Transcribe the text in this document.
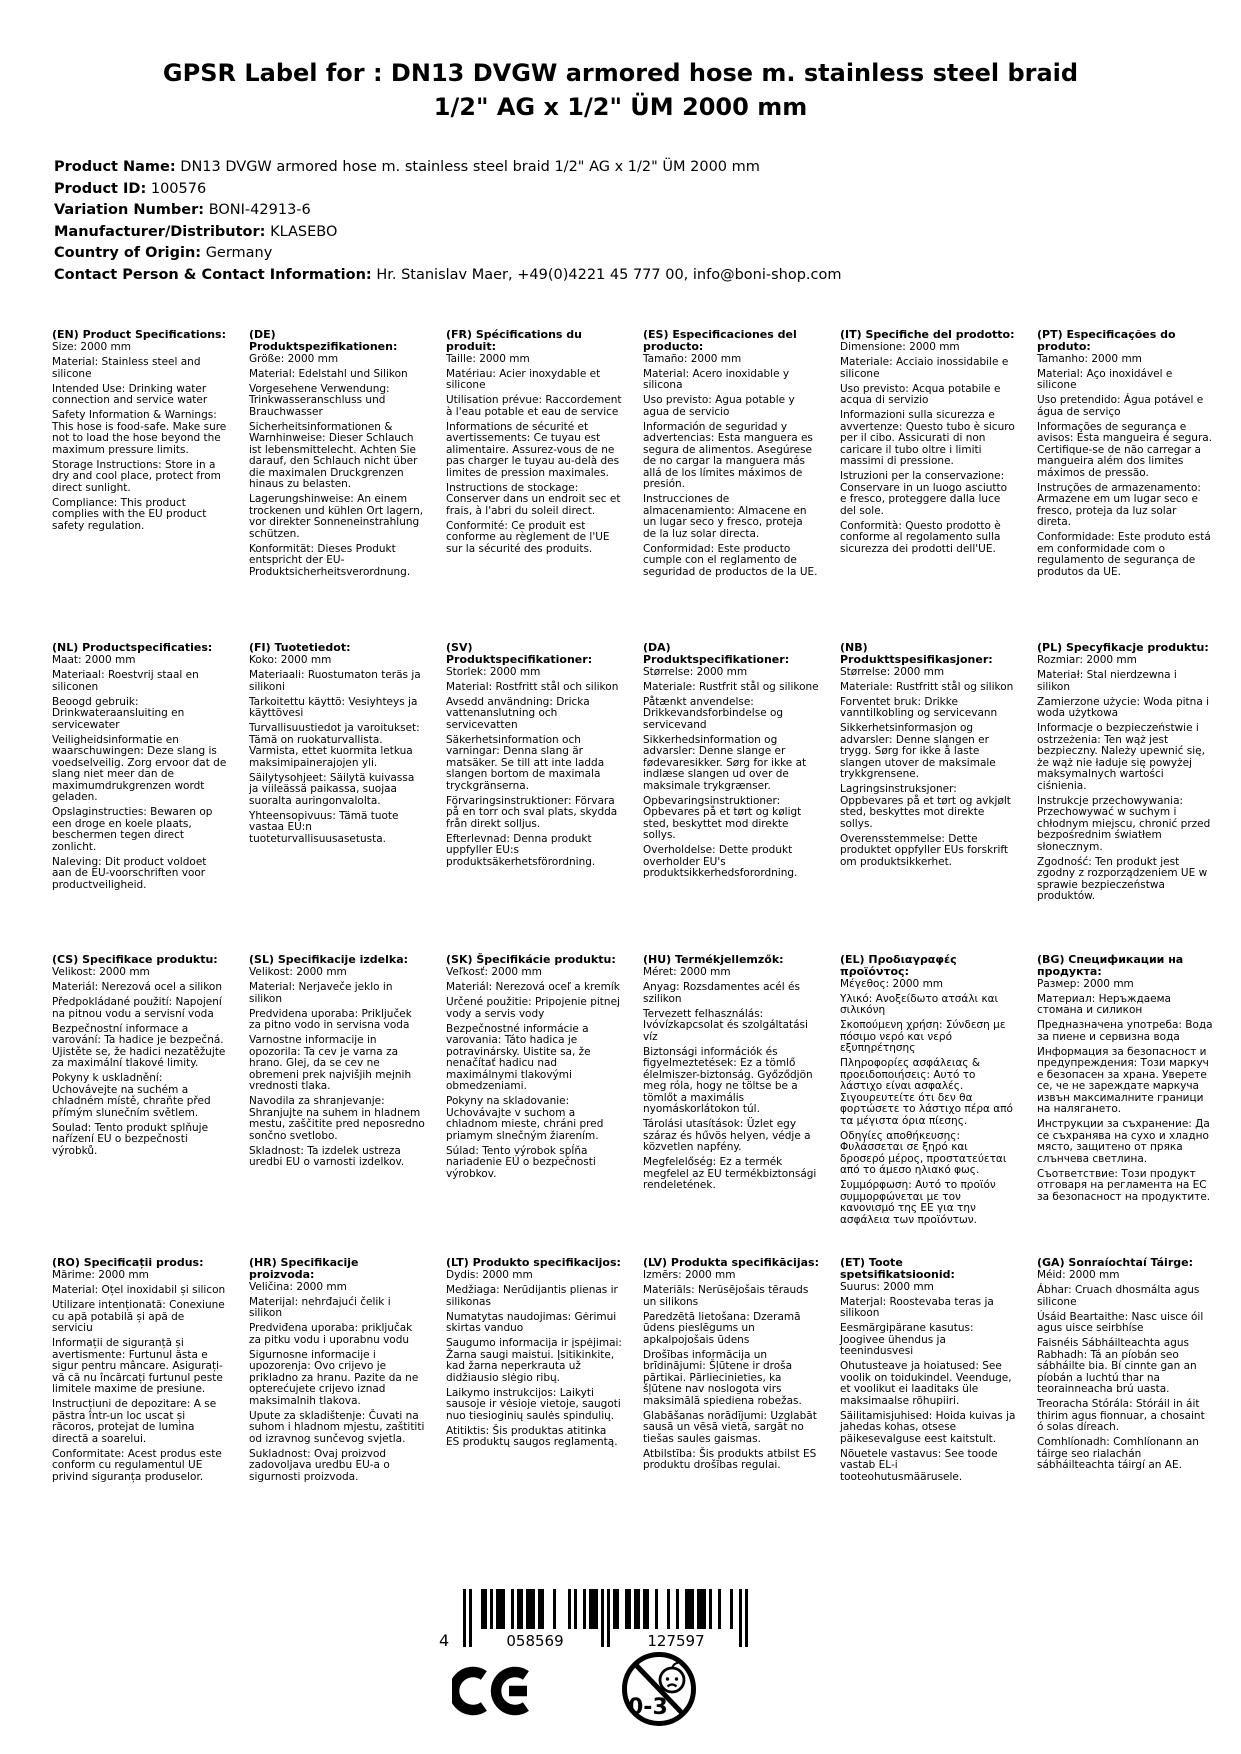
GPSR Label for : DN13 DVGW armored hose m. stainless steel braid
1/2" AG x 1/2" ÜM 2000 mm

Product Name: DN13 DVGW armored hose m. stainless steel braid 1/2" AG x 1/2" ÜM 2000 mm

Product ID: 100576

Variation Number: BONI-42913-6

Manufacturer/Distributor: KLASEBO

Country of Origin: Germany

Contact Person & Contact Information: Hr. Stanislav Maer, +49(0)4221 45 777 00, info@boni-shop.com

(EN) Product Specifications:

Size: 2000 mm

Material: Stainless steel and silicone

Intended Use: Drinking water connection and service water

Safety Information & Warnings: This hose is food-safe. Make sure not to load the hose beyond the maximum pressure limits.

Storage Instructions: Store in a dry and cool place, protect from direct sunlight.

Compliance: This product complies with the EU product safety regulation.

(DE) Produktspezifikationen:

Größe: 2000 mm

Material: Edelstahl und Silikon

Vorgesehene Verwendung: Trinkwasseranschluss und Brauchwasser

Sicherheitsinformationen & Warnhinweise: Dieser Schlauch ist lebensmittelecht. Achten Sie darauf, den Schlauch nicht über die maximalen Druckgrenzen hinaus zu belasten.

Lagerungshinweise: An einem trockenen und kühlen Ort lagern, vor direkter Sonneneinstrahlung schützen.

Konformität: Dieses Produkt entspricht der EU-Produktsicherheitsverordnung.

(FR) Spécifications du produit:

Taille: 2000 mm

Matériau: Acier inoxydable et silicone

Utilisation prévue: Raccordement à l'eau potable et eau de service

Informations de sécurité et avertissements: Ce tuyau est alimentaire. Assurez-vous de ne pas charger le tuyau au-delà des limites de pression maximales.

Instructions de stockage: Conserver dans un endroit sec et frais, à l'abri du soleil direct.

Conformité: Ce produit est conforme au règlement de l'UE sur la sécurité des produits.

(ES) Especificaciones del producto:

Tamaño: 2000 mm

Material: Acero inoxidable y silicona

Uso previsto: Agua potable y agua de servicio

Información de seguridad y advertencias: Esta manguera es segura de alimentos. Asegúrese de no cargar la manguera más allá de los límites máximos de presión.

Instrucciones de almacenamiento: Almacene en un lugar seco y fresco, proteja de la luz solar directa.

Conformidad: Este producto cumple con el reglamento de seguridad de productos de la UE.

(IT) Specifiche del prodotto:

Dimensione: 2000 mm

Materiale: Acciaio inossidabile e silicone

Uso previsto: Acqua potabile e acqua di servizio

Informazioni sulla sicurezza e avvertenze: Questo tubo è sicuro per il cibo. Assicurati di non caricare il tubo oltre i limiti massimi di pressione.

Istruzioni per la conservazione: Conservare in un luogo asciutto e fresco, proteggere dalla luce del sole.

Conformità: Questo prodotto è conforme al regolamento sulla sicurezza dei prodotti dell'UE.

(PT) Especificações do produto:

Tamanho: 2000 mm

Material: Aço inoxidável e silicone

Uso pretendido: Água potável e água de serviço

Informações de segurança e avisos: Esta mangueira é segura. Certifique-se de não carregar a mangueira além dos limites máximos de pressão.

Instruções de armazenamento: Armazene em um lugar seco e fresco, proteja da luz solar direta.

Conformidade: Este produto está em conformidade com o regulamento de segurança de produtos da UE.

(NL) Productspecificaties:

Maat: 2000 mm

Materiaal: Roestvrij staal en siliconen

Beoogd gebruik: Drinkwateraansluiting en servicewater

Veiligheidsinformatie en waarschuwingen: Deze slang is voedselveilig. Zorg ervoor dat de slang niet meer dan de maximumdrukgrenzen wordt geladen.

Opslaginstructies: Bewaren op een droge en koele plaats, beschermen tegen direct zonlicht.

Naleving: Dit product voldoet aan de EU-voorschriften voor productveiligheid.

(FI) Tuotetiedot:

Koko: 2000 mm

Materiaali: Ruostumaton teräs ja silikoni

Tarkoitettu käyttö: Vesiyhteys ja käyttövesi

Turvallisuustiedot ja varoitukset: Tämä on ruokaturvallista. Varmista, ettet kuormita letkua maksimipainerajojen yli.

Säilytysohjeet: Säilytä kuivassa ja viileässä paikassa, suojaa suoralta auringonvalolta.

Yhteensopivuus: Tämä tuote vastaa EU:n tuoteturvallisuusasetusta.

(SV) Produktspecifikationer:

Storlek: 2000 mm

Material: Rostfritt stål och silikon

Avsedd användning: Dricka vattenanslutning och servicevatten

Säkerhetsinformation och varningar: Denna slang är matsäker. Se till att inte ladda slangen bortom de maximala tryckgränserna.

Förvaringsinstruktioner: Förvara på en torr och sval plats, skydda från direkt solljus.

Efterlevnad: Denna produkt uppfyller EU:s produktsäkerhetsförordning.

(DA) Produktspecifikationer:

Størrelse: 2000 mm

Materiale: Rustfrit stål og silikone

Påtænkt anvendelse: Drikkevandsforbindelse og servicevand

Sikkerhedsinformation og advarsler: Denne slange er fødevaresikker. Sørg for ikke at indlæse slangen ud over de maksimale trykgrænser.

Opbevaringsinstruktioner: Opbevares på et tørt og køligt sted, beskyttet mod direkte sollys.

Overholdelse: Dette produkt overholder EU's produktsikkerhedsforordning.

(NB) Produkttspesifikasjoner:

Størrelse: 2000 mm

Materiale: Rustfritt stål og silikon

Forventet bruk: Drikke vanntilkobling og servicevann

Sikkerhetsinformasjon og advarsler: Denne slangen er trygg. Sørg for ikke å laste slangen utover de maksimale trykkgrensene.

Lagringsinstruksjoner: Oppbevares på et tørt og avkjølt sted, beskyttes mot direkte sollys.

Overensstemmelse: Dette produktet oppfyller EUs forskrift om produktsikkerhet.

(PL) Specyfikacje produktu:

Rozmiar: 2000 mm

Materiał: Stal nierdzewna i silikon

Zamierzone użycie: Woda pitna i woda użytkowa

Informacje o bezpieczeństwie i ostrzeżenia: Ten wąż jest bezpieczny. Należy upewnić się, że wąż nie ładuje się powyżej maksymalnych wartości ciśnienia.

Instrukcje przechowywania: Przechowywać w suchym i chłodnym miejscu, chronić przed bezpośrednim światłem słonecznym.

Zgodność: Ten produkt jest zgodny z rozporządzeniem UE w sprawie bezpieczeństwa produktów.

(CS) Specifikace produktu:

Velikost: 2000 mm

Materiál: Nerezová ocel a silikon

Předpokládané použití: Napojení na pitnou vodu a servisní voda

Bezpečnostní informace a varování: Ta hadice je bezpečná. Ujistěte se, že hadici nezatěžujte za maximální tlakové limity.

Pokyny k uskladnění: Uchovávejte na suchém a chladném místě, chraňte před přímým slunečním světlem.

Soulad: Tento produkt splňuje nařízení EU o bezpečnosti výrobků.

(SL) Specifikacije izdelka:

Velikost: 2000 mm

Material: Nerjaveče jeklo in silikon

Predvidena uporaba: Priključek za pitno vodo in servisna voda

Varnostne informacije in opozorila: Ta cev je varna za hrano. Glej, da se cev ne obremeni prek najvišjih mejnih vrednosti tlaka.

Navodila za shranjevanje: Shranjujte na suhem in hladnem mestu, zaščitite pred neposredno sončno svetlobo.

Skladnost: Ta izdelek ustreza uredbi EU o varnosti izdelkov.

(SK) Špecifikácie produktu:

Veľkosť: 2000 mm

Materiál: Nerezová oceľ a kremík

Určené použitie: Pripojenie pitnej vody a servis vody

Bezpečnostné informácie a varovania: Táto hadica je potravinársky. Uistite sa, že nenačítať hadicu nad maximálnymi tlakovými obmedzeniami.

Pokyny na skladovanie: Uchovávajte v suchom a chladnom mieste, chráni pred priamym slnečným žiarením.

Súlad: Tento výrobok spĺňa nariadenie EÚ o bezpečnosti výrobkov.

(HU) Termékjellemzők:

Méret: 2000 mm

Anyag: Rozsdamentes acél és szilikon

Tervezett felhasználás: Ivóvízkapcsolat és szolgáltatási víz

Biztonsági információk és figyelmeztetések: Ez a tömlő élelmiszer-biztonság. Győződjön meg róla, hogy ne töltse be a tömlőt a maximális nyomáskorlátokon túl.

Tárolási utasítások: Üzlet egy száraz és hűvös helyen, védje a közvetlen napfény.

Megfelelőség: Ez a termék megfelel az EU termékbiztonsági rendeletének.

(EL) Προδιαγραφές προϊόντος:

Μέγεθος: 2000 mm

Υλικό: Ανοξείδωτο ατσάλι και σιλικόνη

Σκοπούμενη χρήση: Σύνδεση με πόσιμο νερό και νερό εξυπηρέτησης

Πληροφορίες ασφάλειας & προειδοποιήσεις: Αυτό το λάστιχο είναι ασφαλές. Σιγουρευτείτε ότι δεν θα φορτώσετε το λάστιχο πέρα από τα μέγιστα όρια πίεσης.

Οδηγίες αποθήκευσης: Φυλάσσεται σε ξηρό και δροσερό μέρος, προστατεύεται από το άμεσο ηλιακό φως.

Συμμόρφωση: Αυτό το προϊόν συμμορφώνεται με τον κανονισμό της ΕΕ για την ασφάλεια των προϊόντων.

(BG) Спецификации на продукта:

Размер: 2000 mm

Материал: Неръждаема стомана и силикон

Предназначена употреба: Вода за пиене и сервизна вода

Информация за безопасност и предупреждения: Този маркуч е безопасен за храна. Уверете се, че не зареждате маркуча извън максималните граници на налягането.

Инструкции за съхранение: Да се съхранява на сухо и хладно място, защитено от пряка слънчева светлина.

Съответствие: Този продукт отговаря на регламента на ЕС за безопасност на продуктите.

(RO) Specificații produs:

Mărime: 2000 mm

Material: Oțel inoxidabil și silicon

Utilizare intenționată: Conexiune cu apă potabilă și apă de serviciu

Informații de siguranță și avertismente: Furtunul ăsta e sigur pentru mâncare. Asigurați-vă că nu încărcați furtunul peste limitele maxime de presiune.

Instrucțiuni de depozitare: A se păstra într-un loc uscat și răcoros, protejat de lumina directă a soarelui.

Conformitate: Acest produs este conform cu regulamentul UE privind siguranța produselor.

(HR) Specifikacije proizvoda:

Veličina: 2000 mm

Materijal: nehrđajući čelik i silikon

Predviđena uporaba: priključak za pitku vodu i uporabnu vodu

Sigurnosne informacije i upozorenja: Ovo crijevo je prikladno za hranu. Pazite da ne opterećujete crijevo iznad maksimalnih tlakova.

Upute za skladištenje: Čuvati na suhom i hladnom mjestu, zaštititi od izravnog sunčevog svjetla.

Sukladnost: Ovaj proizvod zadovoljava uredbu EU-a o sigurnosti proizvoda.

(LT) Produkto specifikacijos:

Dydis: 2000 mm

Medžiaga: Nerūdijantis plienas ir silikonas

Numatytas naudojimas: Gėrimui skirtas vanduo

Saugumo informacija ir įspėjimai: Žarna saugi maistui. Įsitikinkite, kad žarna neperkrauta už didžiausio slėgio ribų.

Laikymo instrukcijos: Laikyti sausoje ir vėsioje vietoje, saugoti nuo tiesioginių saulės spindulių.

Atitiktis: Šis produktas atitinka ES produktų saugos reglamentą.

(LV) Produkta specifikācijas:

Izmērs: 2000 mm

Materiāls: Nerūsējošais tērauds un silikons

Paredzētā lietošana: Dzeramā ūdens pieslēgums un apkalpojošais ūdens

Drošības informācija un brīdinājumi: Šļūtene ir droša pārtikai. Pārliecinieties, ka šļūtene nav noslogota virs maksimālā spiediena robežas.

Glabāšanas norādījumi: Uzglabāt sausā un vēsā vietā, sargāt no tiešas saules gaismas.

Atbilstība: Šis produkts atbilst ES produktu drošības regulai.

(ET) Toote spetsifikatsioonid:

Suurus: 2000 mm

Materjal: Roostevaba teras ja silikoon

Eesmärgipärane kasutus: Joogivee ühendus ja teenindusvesi

Ohutusteave ja hoiatused: See voolik on toidukindel. Veenduge, et voolikut ei laaditaks üle maksimaalse rõhupiiri.

Säilitamisjuhised: Hoida kuivas ja jahedas kohas, otsese päikesevalguse eest kaitstult.

Nõuetele vastavus: See toode vastab EL-i tooteohutusmäärusele.

(GA) Sonraíochtaí Táirge:

Méid: 2000 mm

Ábhar: Cruach dhosmálta agus silicone

Úsáid Beartaithe: Nasc uisce óil agus uisce seirbhíse

Faisnéis Sábháilteachta agus Rabhadh: Tá an píobán seo sábháilte bia. Bí cinnte gan an píobán a luchtú thar na teorainneacha brú uasta.

Treoracha Stórála: Stóráil in áit thirim agus fionnuar, a chosaint ó solas díreach.

Comhlíonadh: Comhlíonann an táirge seo rialachán sábháilteachta táirgí an AE.

4	058569	127597
0-3
